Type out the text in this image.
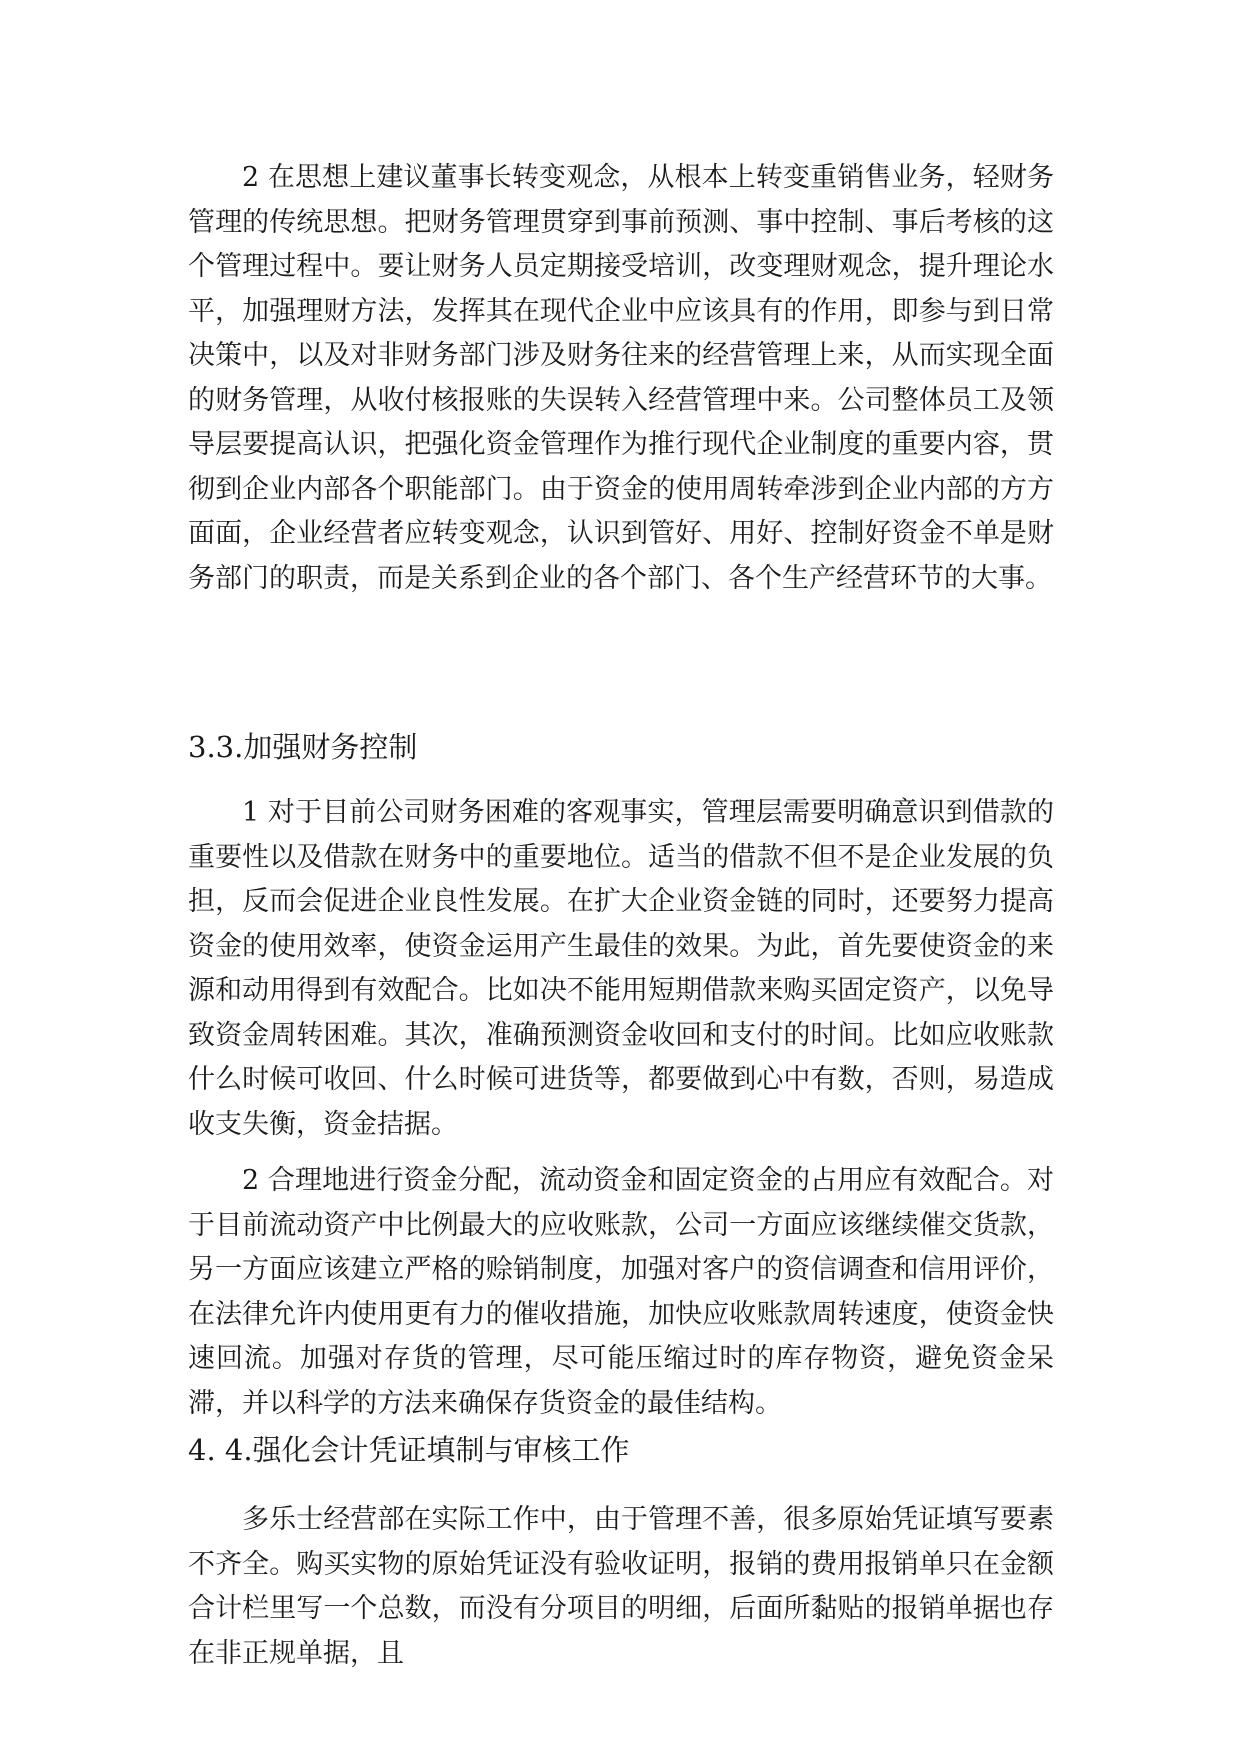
2 在思想上建议董事长转变观念，从根本上转变重销售业务，轻财务管理的传统思想。把财务管理贯穿到事前预测、事中控制、事后考核的这个管理过程中。要让财务人员定期接受培训，改变理财观念，提升理论水平，加强理财方法，发挥其在现代企业中应该具有的作用，即参与到日常决策中，以及对非财务部门涉及财务往来的经营管理上来，从而实现全面的财务管理，从收付核报账的失误转入经营管理中来。公司整体员工及领导层要提高认识，把强化资金管理作为推行现代企业制度的重要内容，贯彻到企业内部各个职能部门。由于资金的使用周转牵涉到企业内部的方方面面，企业经营者应转变观念，认识到管好、用好、控制好资金不单是财务部门的职责，而是关系到企业的各个部门、各个生产经营环节的大事。

3.3.加强财务控制

1 对于目前公司财务困难的客观事实，管理层需要明确意识到借款的重要性以及借款在财务中的重要地位。适当的借款不但不是企业发展的负担，反而会促进企业良性发展。在扩大企业资金链的同时，还要努力提高资金的使用效率，使资金运用产生最佳的效果。为此，首先要使资金的来源和动用得到有效配合。比如决不能用短期借款来购买固定资产，以免导致资金周转困难。其次，准确预测资金收回和支付的时间。比如应收账款什么时候可收回、什么时候可进货等，都要做到心中有数，否则，易造成收支失衡，资金拮据。

2 合理地进行资金分配，流动资金和固定资金的占用应有效配合。对于目前流动资产中比例最大的应收账款，公司一方面应该继续催交货款，另一方面应该建立严格的赊销制度，加强对客户的资信调查和信用评价，在法律允许内使用更有力的催收措施，加快应收账款周转速度，使资金快速回流。加强对存货的管理，尽可能压缩过时的库存物资，避免资金呆滞，并以科学的方法来确保存货资金的最佳结构。

4. 4.强化会计凭证填制与审核工作

多乐士经营部在实际工作中，由于管理不善，很多原始凭证填写要素不齐全。购买实物的原始凭证没有验收证明，报销的费用报销单只在金额合计栏里写一个总数，而没有分项目的明细，后面所黏贴的报销单据也存在非正规单据，且
